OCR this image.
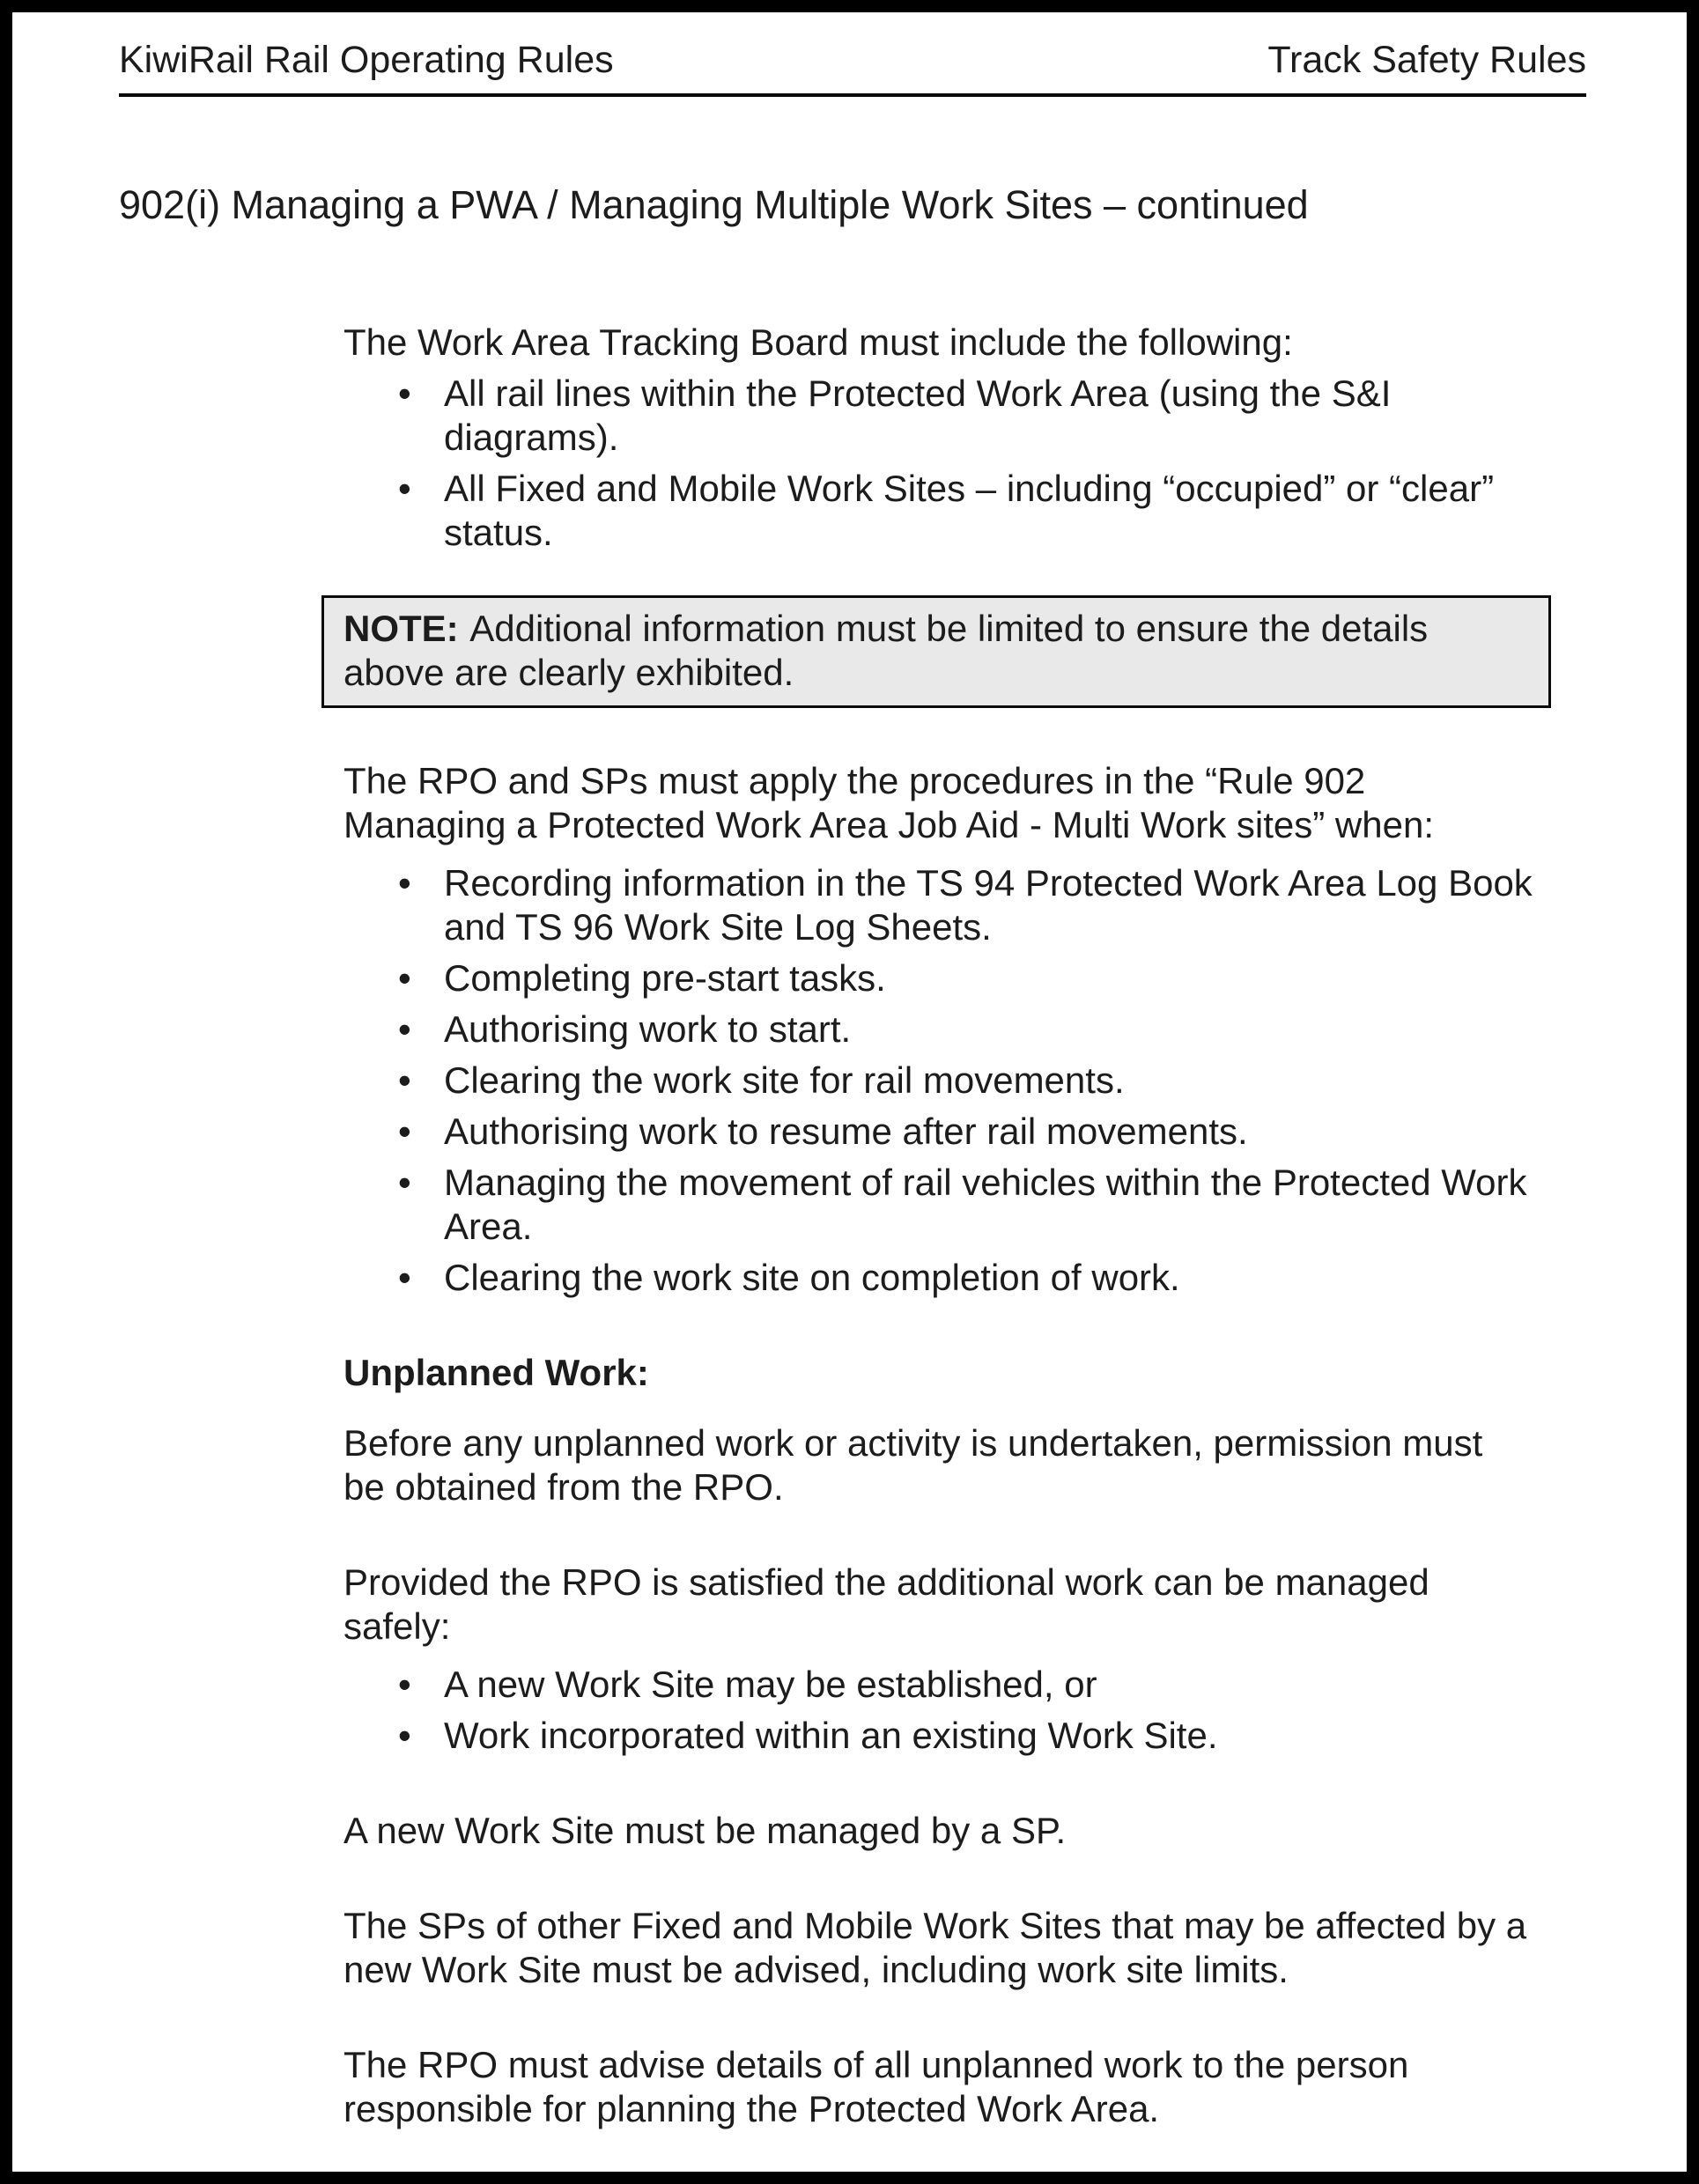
KiwiRail Rail Operating Rules	Track Safety Rules
902(i) Managing a PWA / Managing Multiple Work Sites – continued

The Work Area Tracking Board must include the following:

• All rail lines within the Protected Work Area (using the S&I diagrams).
• All Fixed and Mobile Work Sites – including “occupied” or “clear” status.
NOTE: Additional information must be limited to ensure the details above are clearly exhibited.

The RPO and SPs must apply the procedures in the “Rule 902 Managing a Protected Work Area Job Aid - Multi Work sites” when:

• Recording information in the TS 94 Protected Work Area Log Book and TS 96 Work Site Log Sheets.
• Completing pre-start tasks.
• Authorising work to start.
• Clearing the work site for rail movements.
• Authorising work to resume after rail movements.
• Managing the movement of rail vehicles within the Protected Work Area.
• Clearing the work site on completion of work.

Unplanned Work:

Before any unplanned work or activity is undertaken, permission must be obtained from the RPO.

Provided the RPO is satisfied the additional work can be managed safely:

• A new Work Site may be established, or
• Work incorporated within an existing Work Site.

A new Work Site must be managed by a SP.

The SPs of other Fixed and Mobile Work Sites that may be affected by a new Work Site must be advised, including work site limits.

The RPO must advise details of all unplanned work to the person responsible for planning the Protected Work Area.
